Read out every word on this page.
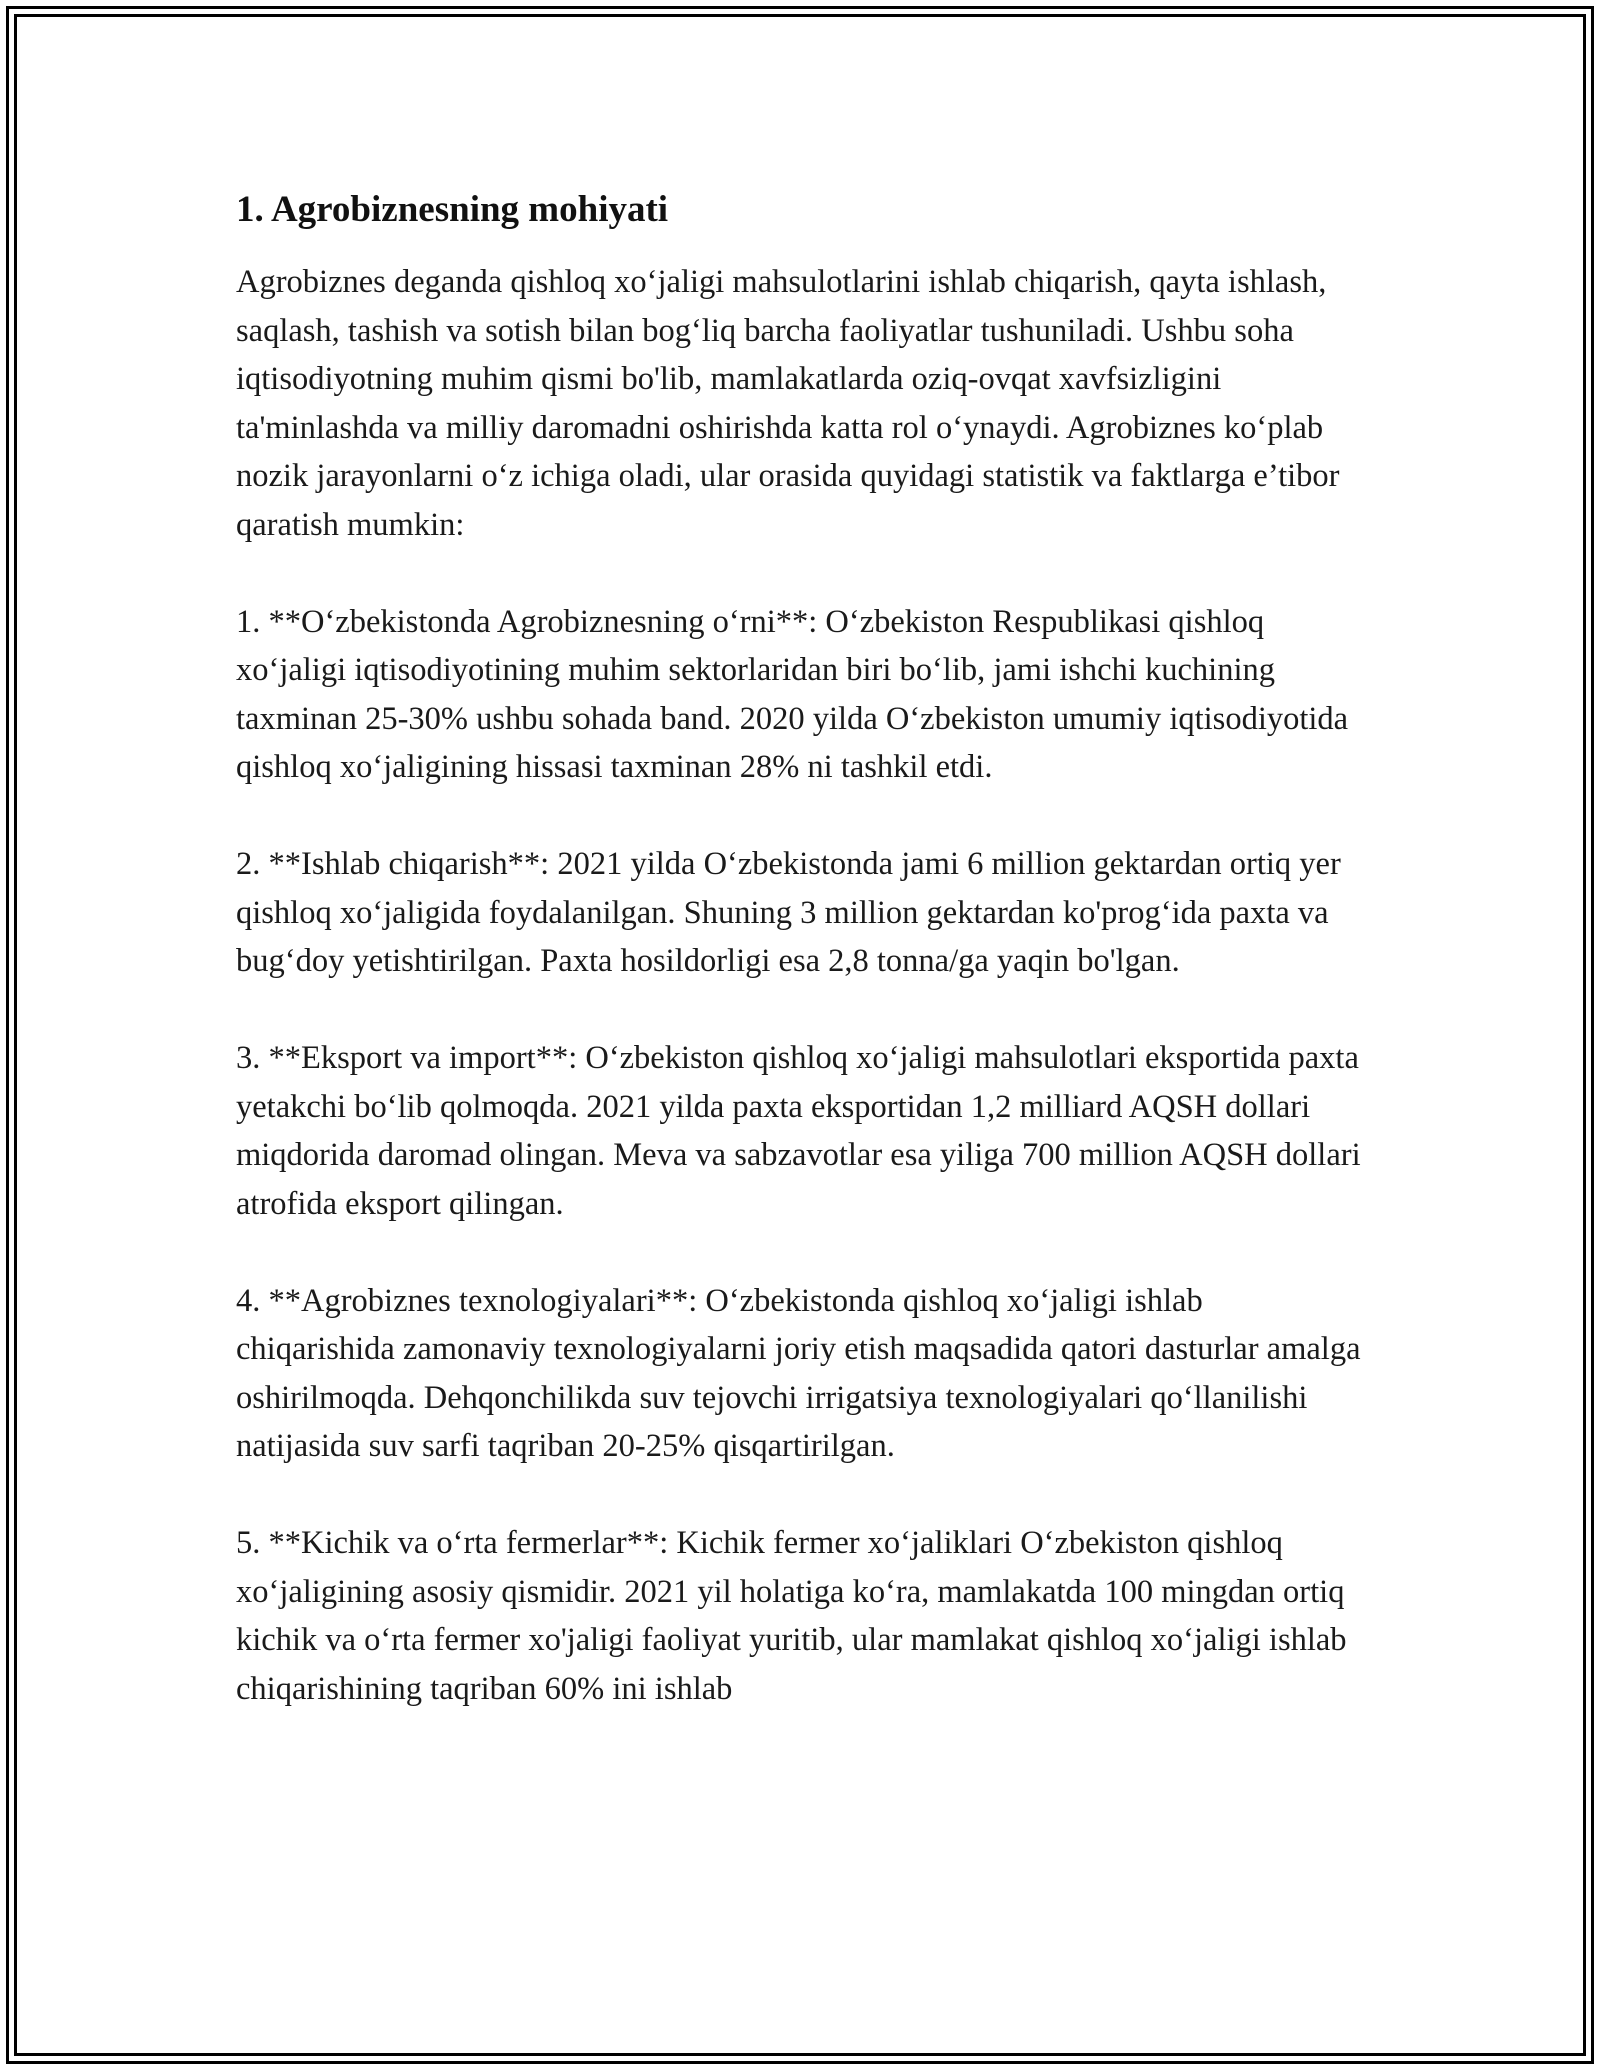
1. Agrobiznesning mohiyati

Agrobiznes deganda qishloq xo‘jaligi mahsulotlarini ishlab chiqarish, qayta ishlash, saqlash, tashish va sotish bilan bog‘liq barcha faoliyatlar tushuniladi. Ushbu soha iqtisodiyotning muhim qismi bo'lib, mamlakatlarda oziq-ovqat xavfsizligini ta'minlashda va milliy daromadni oshirishda katta rol o‘ynaydi. Agrobiznes ko‘plab nozik jarayonlarni o‘z ichiga oladi, ular orasida quyidagi statistik va faktlarga e’tibor qaratish mumkin:

1. **O‘zbekistonda Agrobiznesning o‘rni**: O‘zbekiston Respublikasi qishloq xo‘jaligi iqtisodiyotining muhim sektorlaridan biri bo‘lib, jami ishchi kuchining taxminan 25-30% ushbu sohada band. 2020 yilda O‘zbekiston umumiy iqtisodiyotida qishloq xo‘jaligining hissasi taxminan 28% ni tashkil etdi.

2. **Ishlab chiqarish**: 2021 yilda O‘zbekistonda jami 6 million gektardan ortiq yer qishloq xo‘jaligida foydalanilgan. Shuning 3 million gektardan ko'prog‘ida paxta va bug‘doy yetishtirilgan. Paxta hosildorligi esa 2,8 tonna/ga yaqin bo'lgan.

3. **Eksport va import**: O‘zbekiston qishloq xo‘jaligi mahsulotlari eksportida paxta yetakchi bo‘lib qolmoqda. 2021 yilda paxta eksportidan 1,2 milliard AQSH dollari miqdorida daromad olingan. Meva va sabzavotlar esa yiliga 700 million AQSH dollari atrofida eksport qilingan.

4. **Agrobiznes texnologiyalari**: O‘zbekistonda qishloq xo‘jaligi ishlab chiqarishida zamonaviy texnologiyalarni joriy etish maqsadida qatori dasturlar amalga oshirilmoqda. Dehqonchilikda suv tejovchi irrigatsiya texnologiyalari qo‘llanilishi natijasida suv sarfi taqriban 20-25% qisqartirilgan.

5. **Kichik va o‘rta fermerlar**: Kichik fermer xo‘jaliklari O‘zbekiston qishloq xo‘jaligining asosiy qismidir. 2021 yil holatiga ko‘ra, mamlakatda 100 mingdan ortiq kichik va o‘rta fermer xo'jaligi faoliyat yuritib, ular mamlakat qishloq xo‘jaligi ishlab chiqarishining taqriban 60% ini ishlab
